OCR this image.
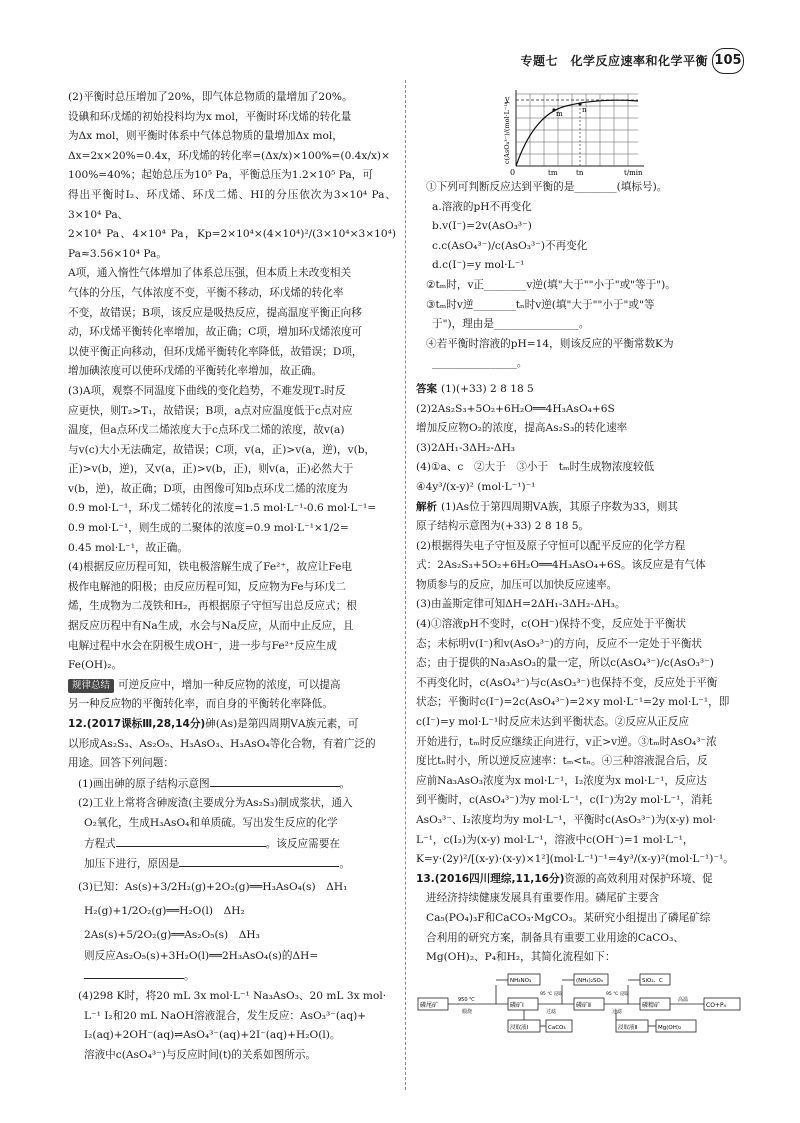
专题七　化学反应速率和化学平衡 105

(2)平衡时总压增加了20%，即气体总物质的量增加了20%。

设碘和环戊烯的初始投料均为x mol，平衡时环戊烯的转化量

为Δx mol，则平衡时体系中气体总物质的量增加Δx mol，

Δx=2x×20%=0.4x，环戊烯的转化率=(Δx/x)×100%=(0.4x/x)×

100%=40%；起始总压为10⁵ Pa，平衡总压为1.2×10⁵ Pa，可

得出平衡时I₂、环戊烯、环戊二烯、HI的分压依次为3×10⁴ Pa、3×10⁴ Pa、

2×10⁴ Pa、4×10⁴ Pa，Kp=2×10⁴×(4×10⁴)²/(3×10⁴×3×10⁴) Pa≈3.56×10⁴ Pa。

A项，通入惰性气体增加了体系总压强，但本质上未改变相关

气体的分压，气体浓度不变，平衡不移动，环戊烯的转化率

不变，故错误；B项，该反应是吸热反应，提高温度平衡正向移

动，环戊烯平衡转化率增加，故正确；C项，增加环戊烯浓度可

以使平衡正向移动，但环戊烯平衡转化率降低，故错误；D项，

增加碘浓度可以使环戊烯的平衡转化率增加，故正确。

(3)A项，观察不同温度下曲线的变化趋势，不难发现T₂时反

应更快，则T₂>T₁，故错误；B项，a点对应温度低于c点对应

温度，但a点环戊二烯浓度大于c点环戊二烯的浓度，故v(a)

与v(c)大小无法确定，故错误；C项，v(a，正)>v(a，逆)，v(b，

正)>v(b，逆)，又v(a，正)>v(b，正)，则v(a，正)必然大于

v(b，逆)，故正确；D项，由图像可知b点环戊二烯的浓度为

0.9 mol·L⁻¹，环戊二烯转化的浓度=1.5 mol·L⁻¹-0.6 mol·L⁻¹=

0.9 mol·L⁻¹，则生成的二聚体的浓度=0.9 mol·L⁻¹×1/2=

0.45 mol·L⁻¹，故正确。

(4)根据反应历程可知，铁电极溶解生成了Fe²⁺，故应让Fe电

极作电解池的阳极；由反应历程可知，反应物为Fe与环戊二

烯，生成物为二茂铁和H₂，再根据原子守恒写出总反应式；根

据反应历程中有Na生成，水会与Na反应，从而中止反应，且

电解过程中水会在阴极生成OH⁻，进一步与Fe²⁺反应生成

Fe(OH)₂。

规律总结 可逆反应中，增加一种反应物的浓度，可以提高

另一种反应物的平衡转化率，而自身的平衡转化率降低。

12.(2017课标Ⅲ,28,14分)砷(As)是第四周期ⅤA族元素，可

以形成As₂S₃、As₂O₅、H₃AsO₃、H₃AsO₄等化合物，有着广泛的

用途。回答下列问题：

(1)画出砷的原子结构示意图	。

(2)工业上常将含砷废渣(主要成分为As₂S₃)制成浆状，通入

O₂氧化，生成H₃AsO₄和单质硫。写出发生反应的化学

方程式	。该反应需要在

加压下进行，原因是	。

(3)已知：As(s)+3/2H₂(g)+2O₂(g)══H₃AsO₄(s)　ΔH₁

H₂(g)+1/2O₂(g)══H₂O(l)　ΔH₂

2As(s)+5/2O₂(g)══As₂O₅(s)　ΔH₃

则反应As₂O₅(s)+3H₂O(l)══2H₃AsO₄(s)的ΔH=

。

(4)298 K时，将20 mL 3x mol·L⁻¹ Na₃AsO₃、20 mL 3x mol·

L⁻¹ I₂和20 mL NaOH溶液混合，发生反应：AsO₃³⁻(aq)+

I₂(aq)+2OH⁻(aq)⇌AsO₄³⁻(aq)+2I⁻(aq)+H₂O(l)。

溶液中c(AsO₄³⁻)与反应时间(t)的关系如图所示。

y
0	tm	tn	t/min
m	n
c(AsO₄³⁻)/(mol·L⁻¹)

①下列可判断反应达到平衡的是________(填标号)。

a.溶液的pH不再变化

b.v(I⁻)=2v(AsO₃³⁻)

c.c(AsO₄³⁻)/c(AsO₃³⁻)不再变化

d.c(I⁻)=y mol·L⁻¹

②tₘ时，v正________v逆(填"大于""小于"或"等于")。

③tₘ时v逆________tₙ时v逆(填"大于""小于"或"等

于")，理由是________________。

④若平衡时溶液的pH=14，则该反应的平衡常数K为

________________。

答案 (1)(+33) 2 8 18 5

(2)2As₂S₃+5O₂+6H₂O══4H₃AsO₄+6S

增加反应物O₂的浓度，提高As₂S₃的转化速率

(3)2ΔH₁-3ΔH₂-ΔH₃

(4)①a、c　②大于　③小于　tₘ时生成物浓度较低

④4y³/(x-y)² (mol·L⁻¹)⁻¹

解析 (1)As位于第四周期ⅤA族，其原子序数为33，则其

原子结构示意图为(+33) 2 8 18 5。

(2)根据得失电子守恒及原子守恒可以配平反应的化学方程

式：2As₂S₃+5O₂+6H₂O══4H₃AsO₄+6S。该反应是有气体

物质参与的反应，加压可以加快反应速率。

(3)由盖斯定律可知ΔH=2ΔH₁-3ΔH₂-ΔH₃。

(4)①溶液pH不变时，c(OH⁻)保持不变，反应处于平衡状

态；未标明v(I⁻)和v(AsO₃³⁻)的方向，反应不一定处于平衡状

态；由于提供的Na₃AsO₃的量一定，所以c(AsO₄³⁻)/c(AsO₃³⁻)

不再变化时，c(AsO₄³⁻)与c(AsO₃³⁻)也保持不变，反应处于平衡

状态；平衡时c(I⁻)=2c(AsO₄³⁻)=2×y mol·L⁻¹=2y mol·L⁻¹，即

c(I⁻)=y mol·L⁻¹时反应未达到平衡状态。②反应从正反应

开始进行，tₘ时反应继续正向进行，v正>v逆。③tₘ时AsO₄³⁻浓

度比tₙ时小，所以逆反应速率：tₘ<tₙ。④三种溶液混合后，反

应前Na₃AsO₃浓度为x mol·L⁻¹，I₂浓度为x mol·L⁻¹，反应达

到平衡时，c(AsO₄³⁻)为y mol·L⁻¹，c(I⁻)为2y mol·L⁻¹，消耗

AsO₃³⁻、I₂浓度均为y mol·L⁻¹，平衡时c(AsO₃³⁻)为(x-y) mol·

L⁻¹，c(I₂)为(x-y) mol·L⁻¹，溶液中c(OH⁻)=1 mol·L⁻¹，

K=y·(2y)²/[(x-y)·(x-y)×1²](mol·L⁻¹)⁻¹=4y³/(x-y)²(mol·L⁻¹)⁻¹。

13.(2016四川理综,11,16分)资源的高效利用对保护环境、促

进经济持续健康发展具有重要作用。磷尾矿主要含

Ca₅(PO₄)₃F和CaCO₃·MgCO₃。某研究小组提出了磷尾矿综

合利用的研究方案，制备具有重要工业用途的CaCO₃、

Mg(OH)₂、P₄和H₂，其简化流程如下：

磷尾矿	磷矿Ⅰ	磷矿Ⅱ	磷精矿	CO+P₄
NH₄NO₃	(NH₄)₂SO₄	SiO₂、C
950 ℃
煅烧
95 ℃ 浸取
过滤
95 ℃ 浸取
过滤
高温
浸取液Ⅰ	CaCO₃	浸取液Ⅱ	Mg(OH)₂
